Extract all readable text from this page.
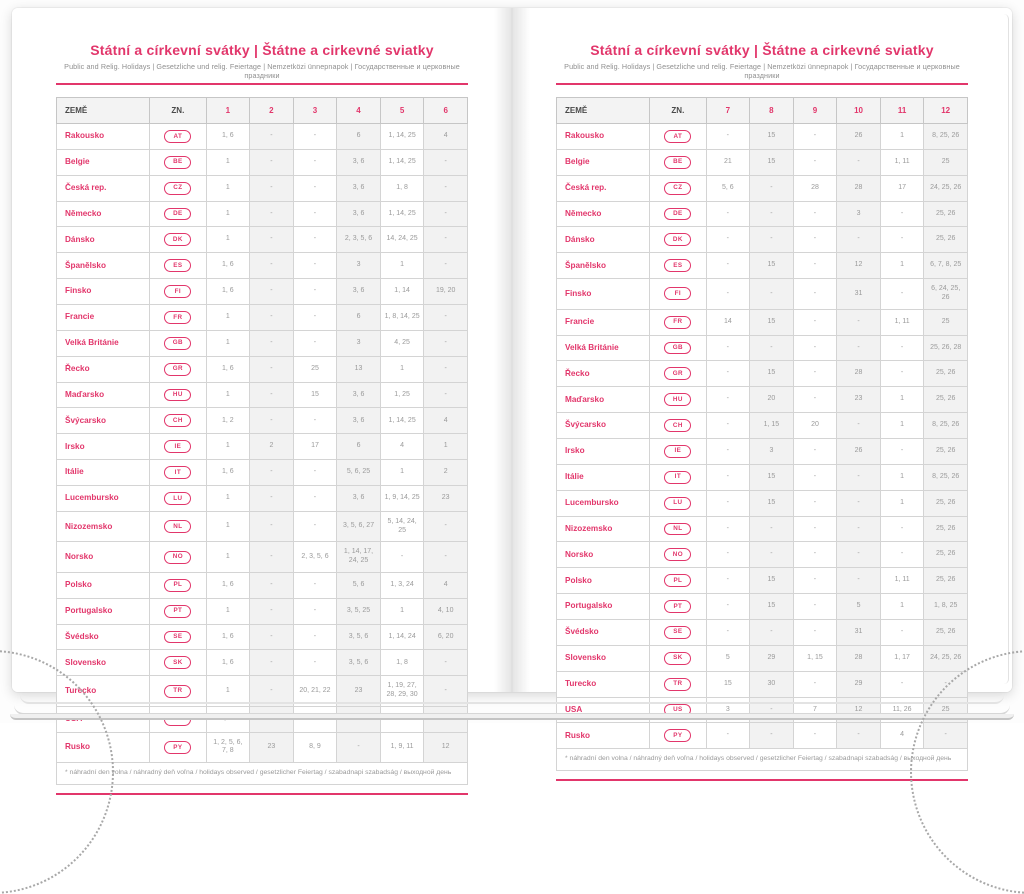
Státní a církevní svátky | Štátne a cirkevné sviatky

Public and Relig. Holidays | Gesetzliche und relig. Feiertage | Nemzetközi ünnepnapok | Государственные и церковные праздники

ZEMĚ	ZN.	1	2	3	4	5	6
Rakousko	AT	1, 6	-	-	6	1, 14, 25	4
Belgie	BE	1	-	-	3, 6	1, 14, 25	-
Česká rep.	CZ	1	-	-	3, 6	1, 8	-
Německo	DE	1	-	-	3, 6	1, 14, 25	-
Dánsko	DK	1	-	-	2, 3, 5, 6	14, 24, 25	-
Španělsko	ES	1, 6	-	-	3	1	-
Finsko	FI	1, 6	-	-	3, 6	1, 14	19, 20
Francie	FR	1	-	-	6	1, 8, 14, 25	-
Velká Británie	GB	1	-	-	3	4, 25	-
Řecko	GR	1, 6	-	25	13	1	-
Maďarsko	HU	1	-	15	3, 6	1, 25	-
Švýcarsko	CH	1, 2	-	-	3, 6	1, 14, 25	4
Irsko	IE	1	2	17	6	4	1
Itálie	IT	1, 6	-	-	5, 6, 25	1	2
Lucembursko	LU	1	-	-	3, 6	1, 9, 14, 25	23
Nizozemsko	NL	1	-	-	3, 5, 6, 27	5, 14, 24, 25	-
Norsko	NO	1	-	2, 3, 5, 6	1, 14, 17, 24, 25	-	-
Polsko	PL	1, 6	-	-	5, 6	1, 3, 24	4
Portugalsko	PT	1	-	-	3, 5, 25	1	4, 10
Švédsko	SE	1, 6	-	-	3, 5, 6	1, 14, 24	6, 20
Slovensko	SK	1, 6	-	-	3, 5, 6	1, 8	-
Turecko	TR	1	-	20, 21, 22	23	1, 19, 27, 28, 29, 30	-

Rusko	PY	1, 2, 5, 6, 7, 8	23	8, 9	-	1, 9, 11	12
* náhradní den volna / náhradný deň voľna / holidays observed / gesetzlicher Feiertag / szabadnapi szabadság / выходной день							
Státní a církevní svátky | Štátne a cirkevné sviatky

Public and Relig. Holidays | Gesetzliche und relig. Feiertage | Nemzetközi ünnepnapok | Государственные и церковные праздники

ZEMĚ	ZN.	7	8	9	10	11	12
Rakousko	AT	-	15	-	26	1	8, 25, 26
Belgie	BE	21	15	-	-	1, 11	25
Česká rep.	CZ	5, 6	-	28	28	17	24, 25, 26
Německo	DE	-	-	-	3	-	25, 26
Dánsko	DK	-	-	-	-	-	25, 26
Španělsko	ES	-	15	-	12	1	6, 7, 8, 25
Finsko	FI	-	-	-	31	-	6, 24, 25, 26
Francie	FR	14	15	-	-	1, 11	25
Velká Británie	GB	-	-	-	-	-	25, 26, 28
Řecko	GR	-	15	-	28	-	25, 26
Maďarsko	HU	-	20	-	23	1	25, 26
Švýcarsko	CH	-	1, 15	20	-	1	8, 25, 26
Irsko	IE	-	3	-	26	-	25, 26
Itálie	IT	-	15	-	-	1	8, 25, 26
Lucembursko	LU	-	15	-	-	1	25, 26
Nizozemsko	NL	-	-	-	-	-	25, 26
Norsko	NO	-	-	-	-	-	25, 26
Polsko	PL	-	15	-	-	1, 11	25, 26
Portugalsko	PT	-	15	-	5	1	1, 8, 25
Švédsko	SE	-	-	-	31	-	25, 26
Slovensko	SK	5	29	1, 15	28	1, 17	24, 25, 26
Turecko	TR	15	30	-	29	-	-
USA	US	3	-	7	12	11, 26	25
Rusko	PY	-	-	-	-	4	-
* náhradní den volna / náhradný deň voľna / holidays observed / gesetzlicher Feiertag / szabadnapi szabadság / выходной день							
